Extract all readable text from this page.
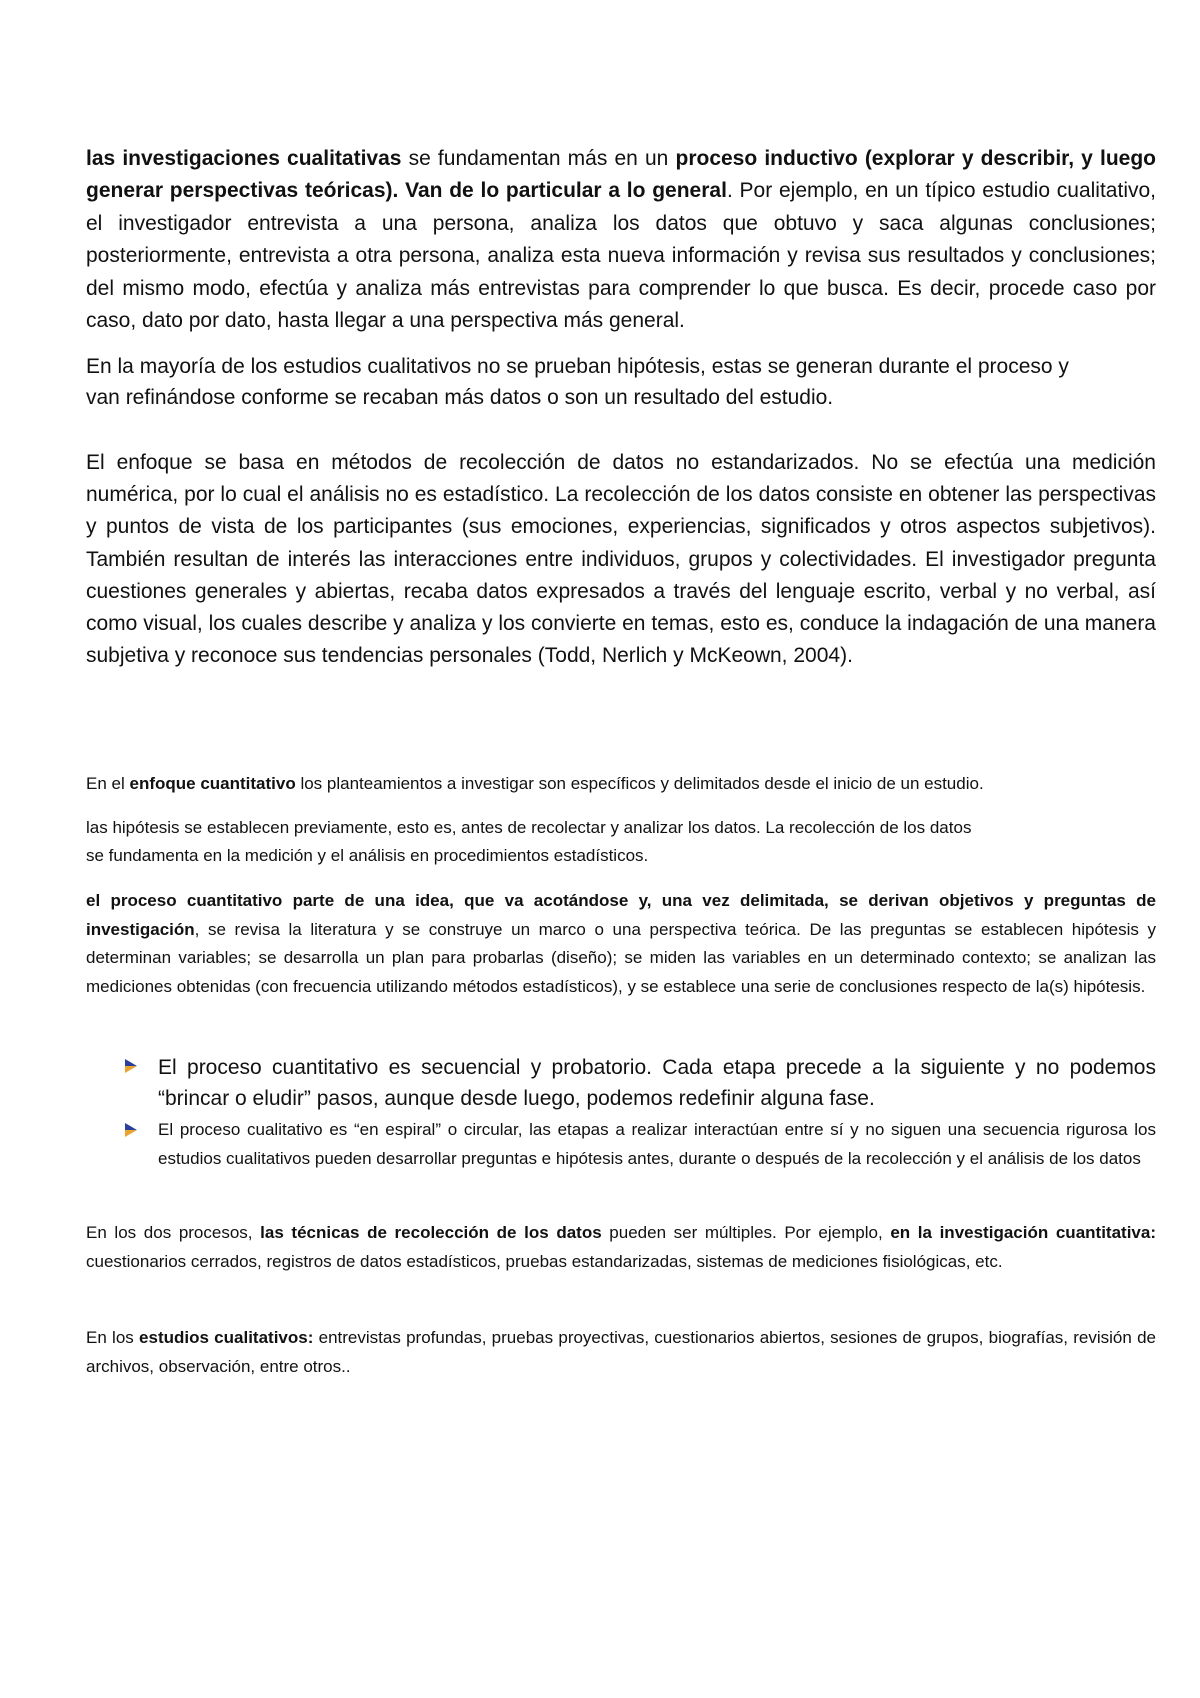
las investigaciones cualitativas se fundamentan más en un proceso inductivo (explorar y describir, y luego generar perspectivas teóricas). Van de lo particular a lo general. Por ejemplo, en un típico estudio cualitativo, el investigador entrevista a una persona, analiza los datos que obtuvo y saca algunas conclusiones; posteriormente, entrevista a otra persona, analiza esta nueva información y revisa sus resultados y conclusiones; del mismo modo, efectúa y analiza más entrevistas para comprender lo que busca. Es decir, procede caso por caso, dato por dato, hasta llegar a una perspectiva más general.

En la mayoría de los estudios cualitativos no se prueban hipótesis, estas se generan durante el proceso y
van refinándose conforme se recaban más datos o son un resultado del estudio.

El enfoque se basa en métodos de recolección de datos no estandarizados. No se efectúa una medición numérica, por lo cual el análisis no es estadístico. La recolección de los datos consiste en obtener las perspectivas y puntos de vista de los participantes (sus emociones, experiencias, significados y otros aspectos subjetivos). También resultan de interés las interacciones entre individuos, grupos y colectividades. El investigador pregunta cuestiones generales y abiertas, recaba datos expresados a través del lenguaje escrito, verbal y no verbal, así como visual, los cuales describe y analiza y los convierte en temas, esto es, conduce la indagación de una manera subjetiva y reconoce sus tendencias personales (Todd, Nerlich y McKeown, 2004).

En el enfoque cuantitativo los planteamientos a investigar son específicos y delimitados desde el inicio de un estudio.

las hipótesis se establecen previamente, esto es, antes de recolectar y analizar los datos. La recolección de los datos
se fundamenta en la medición y el análisis en procedimientos estadísticos.

el proceso cuantitativo parte de una idea, que va acotándose y, una vez delimitada, se derivan objetivos y preguntas de investigación, se revisa la literatura y se construye un marco o una perspectiva teórica. De las preguntas se establecen hipótesis y determinan variables; se desarrolla un plan para probarlas (diseño); se miden las variables en un determinado contexto; se analizan las mediciones obtenidas (con frecuencia utilizando métodos estadísticos), y se establece una serie de conclusiones respecto de la(s) hipótesis.

El proceso cuantitativo es secuencial y probatorio. Cada etapa precede a la siguiente y no podemos “brincar o eludir” pasos, aunque desde luego, podemos redefinir alguna fase.
El proceso cualitativo es “en espiral” o circular, las etapas a realizar interactúan entre sí y no siguen una secuencia rigurosa los estudios cualitativos pueden desarrollar preguntas e hipótesis antes, durante o después de la recolección y el análisis de los datos

En los dos procesos, las técnicas de recolección de los datos pueden ser múltiples. Por ejemplo, en la investigación cuantitativa: cuestionarios cerrados, registros de datos estadísticos, pruebas estandarizadas, sistemas de mediciones fisiológicas, etc.

En los estudios cualitativos: entrevistas profundas, pruebas proyectivas, cuestionarios abiertos, sesiones de grupos, biografías, revisión de archivos, observación, entre otros..
